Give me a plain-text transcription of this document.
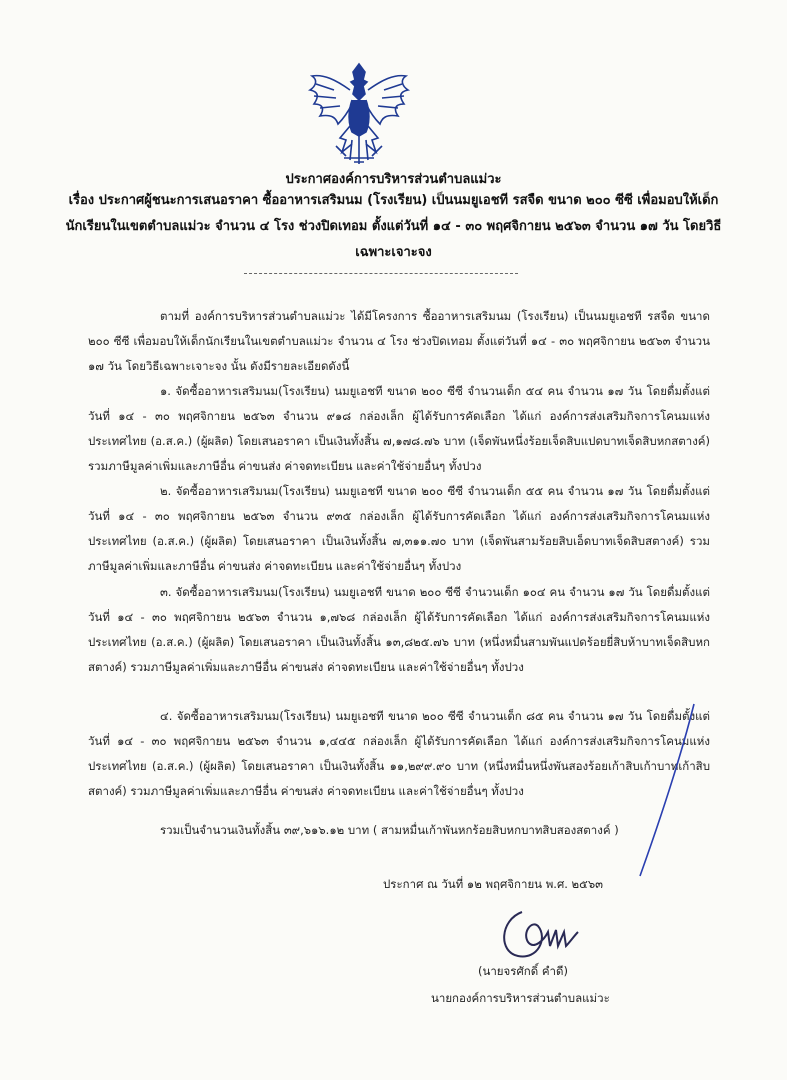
ประกาศองค์การบริหารส่วนตำบลแม่วะ
เรื่อง ประกาศผู้ชนะการเสนอราคา ซื้ออาหารเสริมนม (โรงเรียน) เป็นนมยูเอชที รสจืด ขนาด ๒๐๐ ซีซี เพื่อมอบให้เด็กนักเรียนในเขตตำบลแม่วะ จำนวน ๔ โรง ช่วงปิดเทอม ตั้งแต่วันที่ ๑๔ - ๓๐ พฤศจิกายน ๒๕๖๓ จำนวน ๑๗ วัน โดยวิธีเฉพาะเจาะจง

ตามที่ องค์การบริหารส่วนตำบลแม่วะ ได้มีโครงการ ซื้ออาหารเสริมนม (โรงเรียน) เป็นนมยูเอชที รสจืด ขนาด ๒๐๐ ซีซี เพื่อมอบให้เด็กนักเรียนในเขตตำบลแม่วะ จำนวน ๔ โรง ช่วงปิดเทอม ตั้งแต่วันที่ ๑๔ - ๓๐ พฤศจิกายน ๒๕๖๓ จำนวน ๑๗ วัน โดยวิธีเฉพาะเจาะจง นั้น ดังมีรายละเอียดดังนี้

๑. จัดซื้ออาหารเสริมนม(โรงเรียน) นมยูเอชที ขนาด ๒๐๐ ซีซี จำนวนเด็ก ๕๔ คน จำนวน ๑๗ วัน โดยดื่มตั้งแต่วันที่ ๑๔ - ๓๐ พฤศจิกายน ๒๕๖๓ จำนวน ๙๑๘ กล่องเล็ก ผู้ได้รับการคัดเลือก ได้แก่ องค์การส่งเสริมกิจการโคนมแห่งประเทศไทย (อ.ส.ค.) (ผู้ผลิต) โดยเสนอราคา เป็นเงินทั้งสิ้น ๗,๑๗๘.๗๖ บาท (เจ็ดพันหนึ่งร้อยเจ็ดสิบแปดบาทเจ็ดสิบหกสตางค์) รวมภาษีมูลค่าเพิ่มและภาษีอื่น ค่าขนส่ง ค่าจดทะเบียน และค่าใช้จ่ายอื่นๆ ทั้งปวง

๒. จัดซื้ออาหารเสริมนม(โรงเรียน) นมยูเอชที ขนาด ๒๐๐ ซีซี จำนวนเด็ก ๕๕ คน จำนวน ๑๗ วัน โดยดื่มตั้งแต่วันที่ ๑๔ - ๓๐ พฤศจิกายน ๒๕๖๓ จำนวน ๙๓๕ กล่องเล็ก ผู้ได้รับการคัดเลือก ได้แก่ องค์การส่งเสริมกิจการโคนมแห่งประเทศไทย (อ.ส.ค.) (ผู้ผลิต) โดยเสนอราคา เป็นเงินทั้งสิ้น ๗,๓๑๑.๗๐ บาท (เจ็ดพันสามร้อยสิบเอ็ดบาทเจ็ดสิบสตางค์) รวมภาษีมูลค่าเพิ่มและภาษีอื่น ค่าขนส่ง ค่าจดทะเบียน และค่าใช้จ่ายอื่นๆ ทั้งปวง

๓. จัดซื้ออาหารเสริมนม(โรงเรียน) นมยูเอชที ขนาด ๒๐๐ ซีซี จำนวนเด็ก ๑๐๔ คน จำนวน ๑๗ วัน โดยดื่มตั้งแต่วันที่ ๑๔ - ๓๐ พฤศจิกายน ๒๕๖๓ จำนวน ๑,๗๖๘ กล่องเล็ก ผู้ได้รับการคัดเลือก ได้แก่ องค์การส่งเสริมกิจการโคนมแห่งประเทศไทย (อ.ส.ค.) (ผู้ผลิต) โดยเสนอราคา เป็นเงินทั้งสิ้น ๑๓,๘๒๕.๗๖ บาท (หนึ่งหมื่นสามพันแปดร้อยยี่สิบห้าบาทเจ็ดสิบหกสตางค์) รวมภาษีมูลค่าเพิ่มและภาษีอื่น ค่าขนส่ง ค่าจดทะเบียน และค่าใช้จ่ายอื่นๆ ทั้งปวง

๔. จัดซื้ออาหารเสริมนม(โรงเรียน) นมยูเอชที ขนาด ๒๐๐ ซีซี จำนวนเด็ก ๘๕ คน จำนวน ๑๗ วัน โดยดื่มตั้งแต่วันที่ ๑๔ - ๓๐ พฤศจิกายน ๒๕๖๓ จำนวน ๑,๔๔๕ กล่องเล็ก ผู้ได้รับการคัดเลือก ได้แก่ องค์การส่งเสริมกิจการโคนมแห่งประเทศไทย (อ.ส.ค.) (ผู้ผลิต) โดยเสนอราคา เป็นเงินทั้งสิ้น ๑๑,๒๙๙.๙๐ บาท (หนึ่งหมื่นหนึ่งพันสองร้อยเก้าสิบเก้าบาทเก้าสิบสตางค์) รวมภาษีมูลค่าเพิ่มและภาษีอื่น ค่าขนส่ง ค่าจดทะเบียน และค่าใช้จ่ายอื่นๆ ทั้งปวง

รวมเป็นจำนวนเงินทั้งสิ้น ๓๙,๖๑๖.๑๒ บาท ( สามหมื่นเก้าพันหกร้อยสิบหกบาทสิบสองสตางค์ )
ประกาศ ณ วันที่ ๑๒ พฤศจิกายน พ.ศ. ๒๕๖๓
(นายจรศักดิ์ คำดี)
นายกองค์การบริหารส่วนตำบลแม่วะ
